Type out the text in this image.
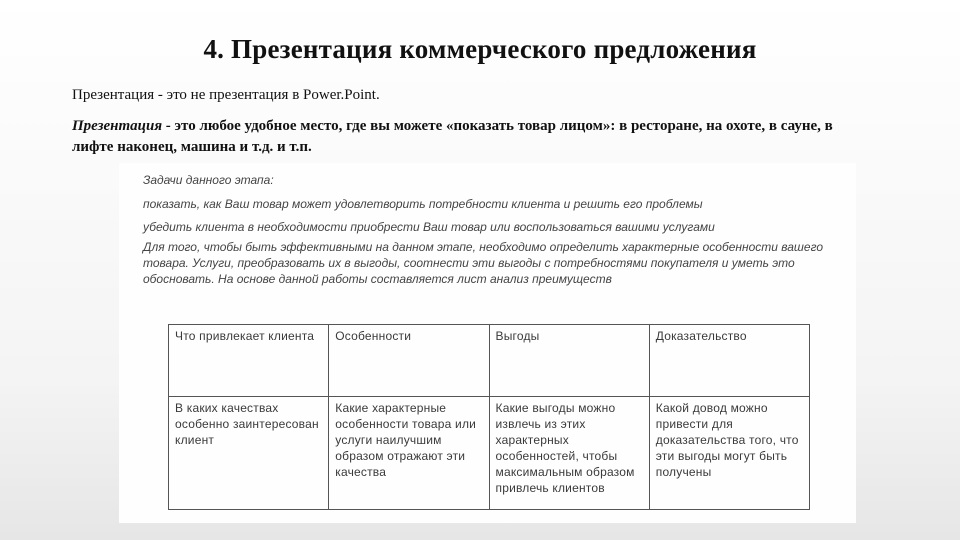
4. Презентация коммерческого предложения
Презентация - это не презентация в Power.Point.
Презентация - это любое удобное место, где вы можете «показать товар лицом»: в ресторане, на охоте, в сауне, в лифте наконец, машина и т.д. и т.п.
Задачи данного этапа:
показать, как Ваш товар может удовлетворить потребности клиента и решить его проблемы
убедить клиента в необходимости приобрести Ваш товар или воспользоваться вашими услугами
Для того, чтобы быть эффективными на данном этапе, необходимо определить характерные особенности вашего товара. Услуги, преобразовать их в выгоды, соотнести эти выгоды с потребностями покупателя и уметь это обосновать. На основе данной работы составляется лист анализ преимуществ
Что привлекает клиента	Особенности	Выгоды	Доказательство
В каких качествах особенно заинтересован клиент	Какие характерные особенности товара или услуги наилучшим образом отражают эти качества	Какие выгоды можно извлечь из этих характерных особенностей, чтобы максимальным образом привлечь клиентов	Какой довод можно привести для доказательства того, что эти выгоды могут быть получены
